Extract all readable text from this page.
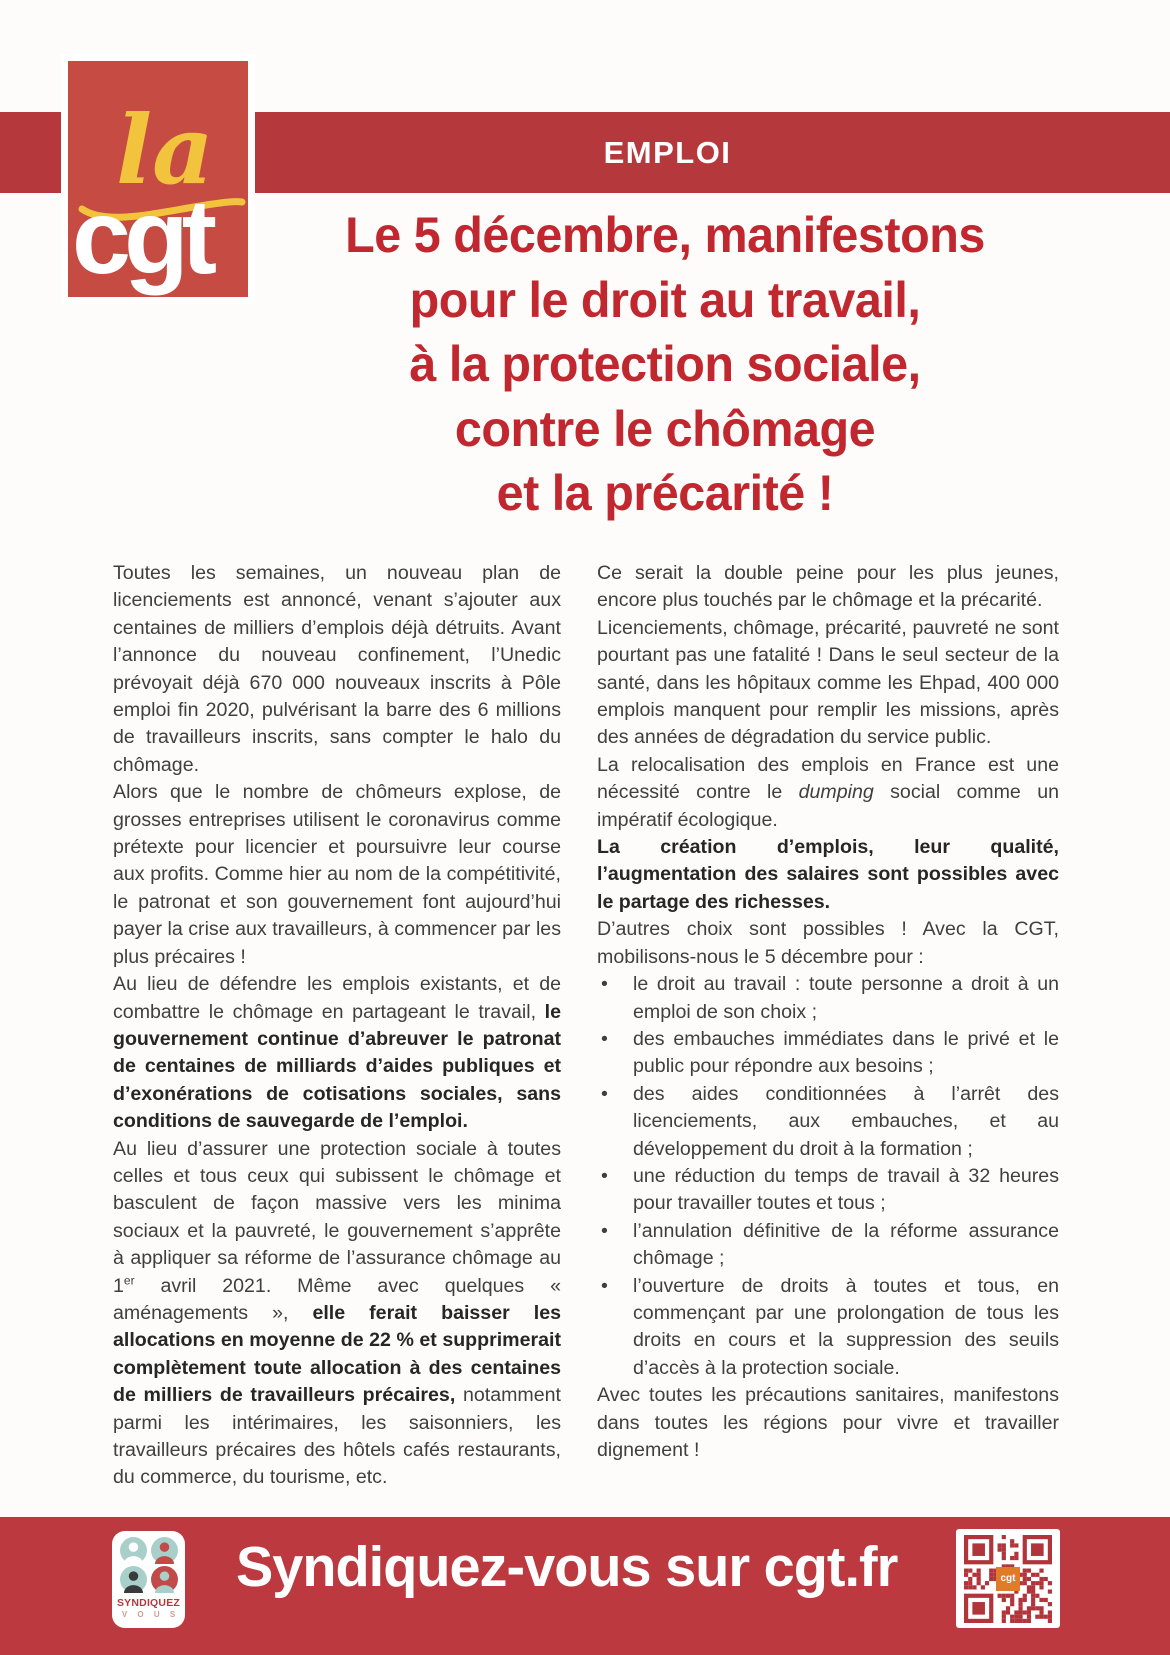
EMPLOI
la
cgt	Le 5 décembre, manifestons
pour le droit au travail,
à la protection sociale,
contre le chômage
et la précarité !

Toutes les semaines, un nouveau plan de licenciements est annoncé, venant s’ajouter aux centaines de milliers d’emplois déjà détruits. Avant l’annonce du nouveau confinement, l’Unedic prévoyait déjà 670 000 nouveaux inscrits à Pôle emploi fin 2020, pulvérisant la barre des 6 millions de travailleurs inscrits, sans compter le halo du chômage.

Alors que le nombre de chômeurs explose, de grosses entreprises utilisent le coronavirus comme prétexte pour licencier et poursuivre leur course aux profits. Comme hier au nom de la compétitivité, le patronat et son gouvernement font aujourd’hui payer la crise aux travailleurs, à commencer par les plus précaires !

Au lieu de défendre les emplois existants, et de combattre le chômage en partageant le travail, le gouvernement continue d’abreuver le patronat de centaines de milliards d’aides publiques et d’exonérations de cotisations sociales, sans conditions de sauvegarde de l’emploi.

Au lieu d’assurer une protection sociale à toutes celles et tous ceux qui subissent le chômage et basculent de façon massive vers les minima sociaux et la pauvreté, le gouvernement s’apprête à appliquer sa réforme de l’assurance chômage au 1er avril 2021. Même avec quelques « aménagements », elle ferait baisser les allocations en moyenne de 22 % et supprimerait complètement toute allocation à des centaines de milliers de travailleurs précaires, notamment parmi les intérimaires, les saisonniers, les travailleurs précaires des hôtels cafés restaurants, du commerce, du tourisme, etc.

Ce serait la double peine pour les plus jeunes, encore plus touchés par le chômage et la précarité.

Licenciements, chômage, précarité, pauvreté ne sont pourtant pas une fatalité ! Dans le seul secteur de la santé, dans les hôpitaux comme les Ehpad, 400 000 emplois manquent pour remplir les missions, après des années de dégradation du service public.

La relocalisation des emplois en France est une nécessité contre le dumping social comme un impératif écologique.

La création d’emplois, leur qualité, l’augmentation des salaires sont possibles avec le partage des richesses.

D’autres choix sont possibles ! Avec la CGT, mobilisons-nous le 5 décembre pour :

• le droit au travail : toute personne a droit à un emploi de son choix ;
• des embauches immédiates dans le privé et le public pour répondre aux besoins ;
• des aides conditionnées à l’arrêt des licenciements, aux embauches, et au développement du droit à la formation ;
• une réduction du temps de travail à 32 heures pour travailler toutes et tous ;
• l’annulation définitive de la réforme assurance chômage ;
• l’ouverture de droits à toutes et tous, en commençant par une prolongation de tous les droits en cours et la suppression des seuils d’accès à la protection sociale.

Avec toutes les précautions sanitaires, manifestons dans toutes les régions pour vivre et travailler dignement !

SYNDIQUEZ
V O U S
Syndiquez-vous sur cgt.fr	cgt
